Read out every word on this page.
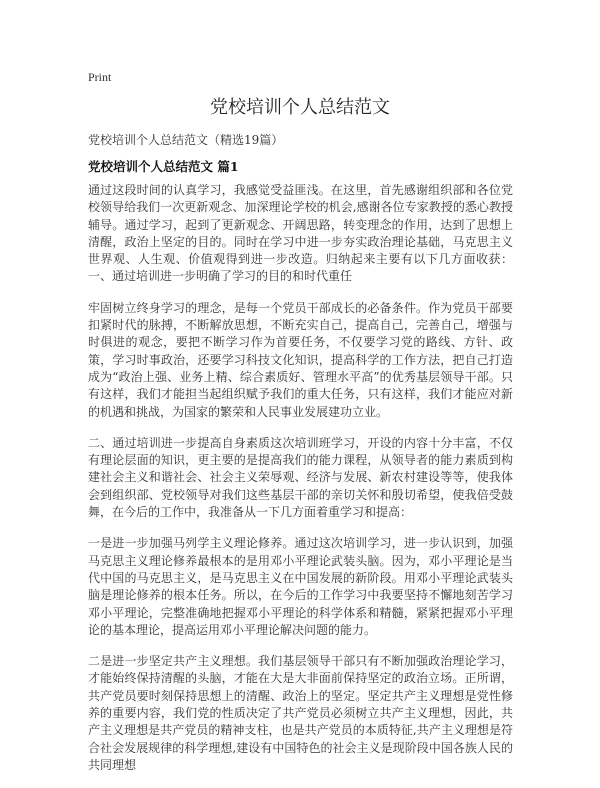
Print
党校培训个人总结范文
党校培训个人总结范文（精选19篇）
党校培训个人总结范文 篇1

通过这段时间的认真学习，我感觉受益匪浅。在这里，首先感谢组织部和各位党校领导给我们一次更新观念、加深理论学校的机会,感谢各位专家教授的悉心教授辅导。通过学习，起到了更新观念、开阔思路，转变理念的作用，达到了思想上清醒，政治上坚定的目的。同时在学习中进一步夯实政治理论基础，马克思主义世界观、人生观、价值观得到进一步改造。归纳起来主要有以下几方面收获：一、通过培训进一步明确了学习的目的和时代重任

牢固树立终身学习的理念，是每一个党员干部成长的必备条件。作为党员干部要扣紧时代的脉搏，不断解放思想，不断充实自己，提高自己，完善自己，增强与时俱进的观念，要把不断学习作为首要任务，不仅要学习党的路线、方针、政策，学习时事政治，还要学习科技文化知识，提高科学的工作方法，把自己打造成为“政治上强、业务上精、综合素质好、管理水平高”的优秀基层领导干部。只有这样，我们才能担当起组织赋予我们的重大任务，只有这样，我们才能应对新的机遇和挑战，为国家的繁荣和人民事业发展建功立业。

二、通过培训进一步提高自身素质这次培训班学习，开设的内容十分丰富，不仅有理论层面的知识，更主要的是提高我们的能力课程，从领导者的能力素质到构建社会主义和谐社会、社会主义荣辱观、经济与发展、新农村建设等等，使我体会到组织部、党校领导对我们这些基层干部的亲切关怀和殷切希望，使我倍受鼓舞，在今后的工作中，我准备从一下几方面着重学习和提高：

一是进一步加强马列学主义理论修养。通过这次培训学习，进一步认识到，加强马克思主义理论修养最根本的是用邓小平理论武装头脑。因为，邓小平理论是当代中国的马克思主义，是马克思主义在中国发展的新阶段。用邓小平理论武装头脑是理论修养的根本任务。所以，在今后的工作学习中我要坚持不懈地刻苦学习邓小平理论，完整准确地把握邓小平理论的科学体系和精髓，紧紧把握邓小平理论的基本理论，提高运用邓小平理论解决问题的能力。

二是进一步坚定共产主义理想。我们基层领导干部只有不断加强政治理论学习，才能始终保持清醒的头脑，才能在大是大非面前保持坚定的政治立场。正所谓，共产党员要时刻保持思想上的清醒、政治上的坚定。坚定共产主义理想是党性修养的重要内容，我们党的性质决定了共产党员必须树立共产主义理想，因此，共产主义理想是共产党员的精神支柱，也是共产党员的本质特征,共产主义理想是符合社会发展规律的科学理想,建设有中国特色的社会主义是现阶段中国各族人民的共同理想
